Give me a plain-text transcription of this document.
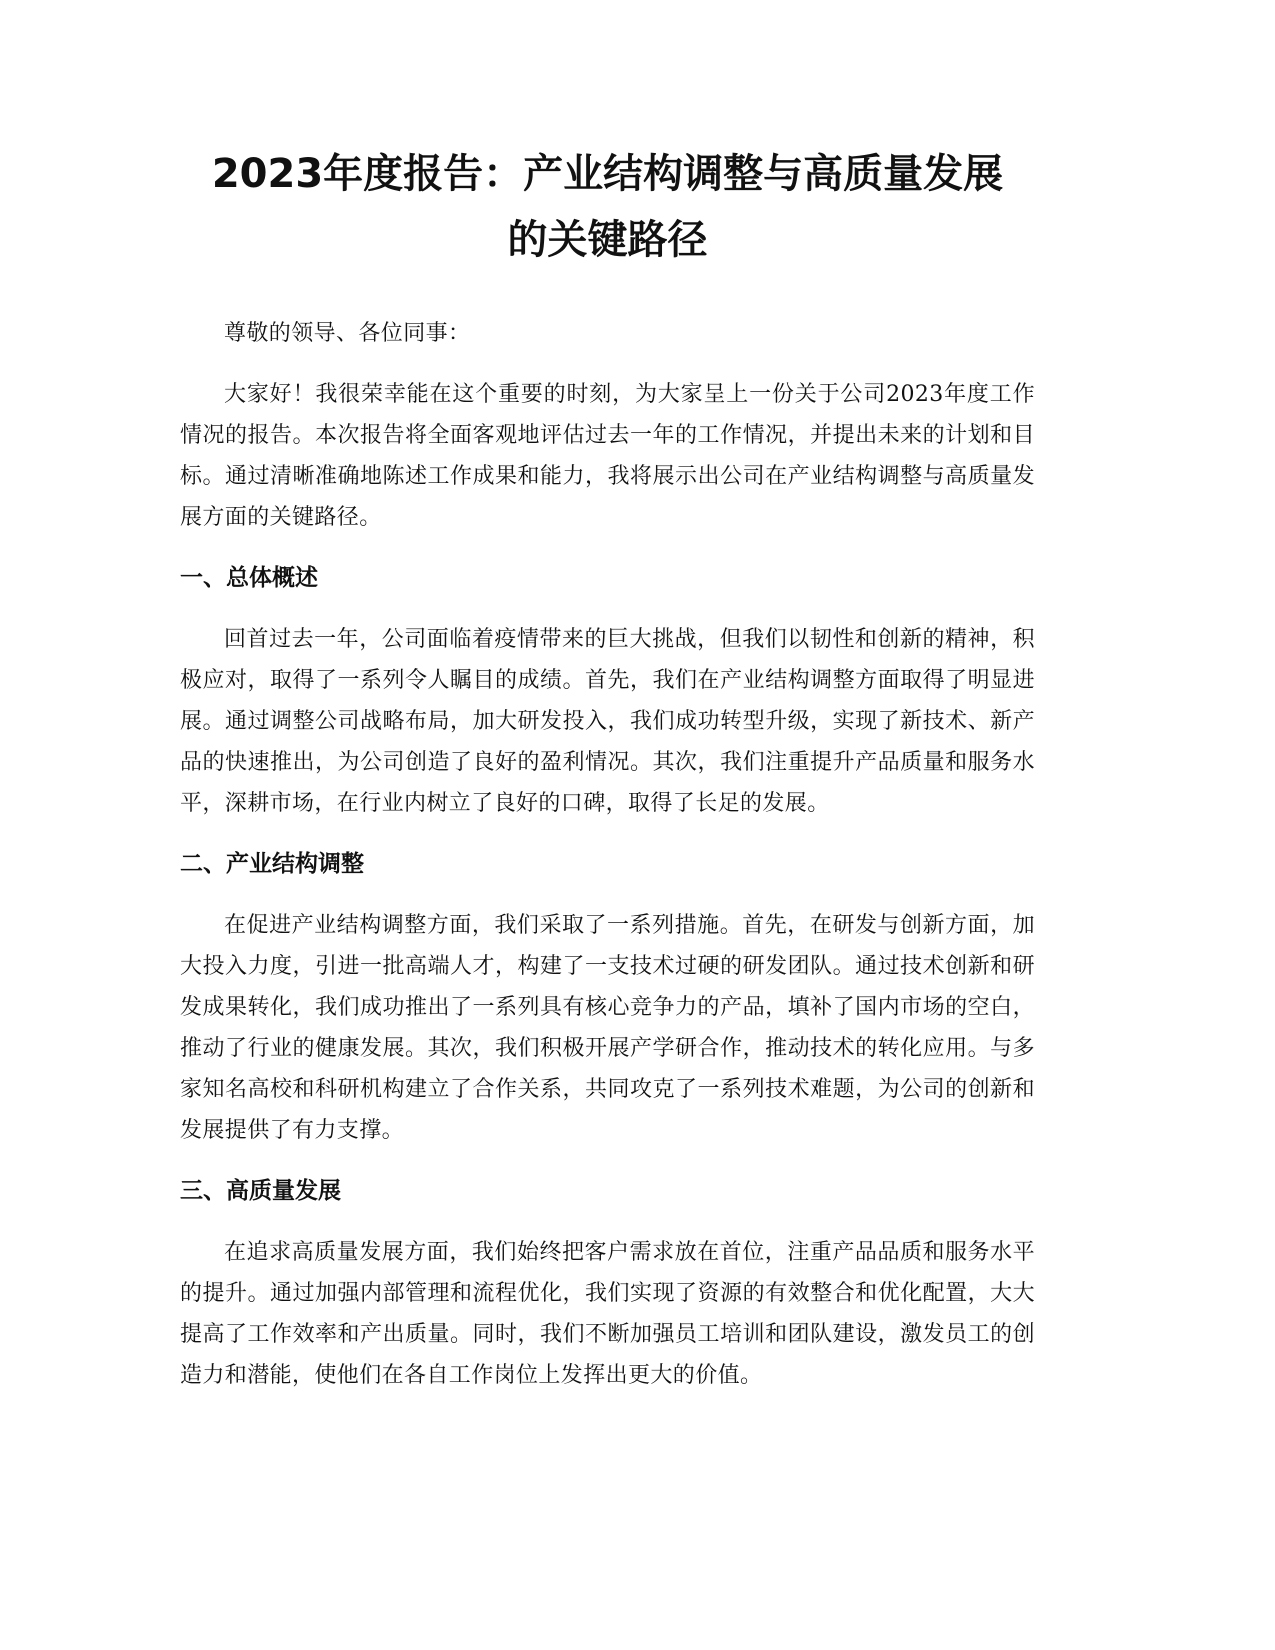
2023年度报告：产业结构调整与高质量发展
的关键路径

尊敬的领导、各位同事：

大家好！我很荣幸能在这个重要的时刻，为大家呈上一份关于公司2023年度工作情况的报告。本次报告将全面客观地评估过去一年的工作情况，并提出未来的计划和目标。通过清晰准确地陈述工作成果和能力，我将展示出公司在产业结构调整与高质量发展方面的关键路径。

一、总体概述

回首过去一年，公司面临着疫情带来的巨大挑战，但我们以韧性和创新的精神，积极应对，取得了一系列令人瞩目的成绩。首先，我们在产业结构调整方面取得了明显进展。通过调整公司战略布局，加大研发投入，我们成功转型升级，实现了新技术、新产品的快速推出，为公司创造了良好的盈利情况。其次，我们注重提升产品质量和服务水平，深耕市场，在行业内树立了良好的口碑，取得了长足的发展。

二、产业结构调整

在促进产业结构调整方面，我们采取了一系列措施。首先，在研发与创新方面，加大投入力度，引进一批高端人才，构建了一支技术过硬的研发团队。通过技术创新和研发成果转化，我们成功推出了一系列具有核心竞争力的产品，填补了国内市场的空白，推动了行业的健康发展。其次，我们积极开展产学研合作，推动技术的转化应用。与多家知名高校和科研机构建立了合作关系，共同攻克了一系列技术难题，为公司的创新和发展提供了有力支撑。

三、高质量发展

在追求高质量发展方面，我们始终把客户需求放在首位，注重产品品质和服务水平的提升。通过加强内部管理和流程优化，我们实现了资源的有效整合和优化配置，大大提高了工作效率和产出质量。同时，我们不断加强员工培训和团队建设，激发员工的创造力和潜能，使他们在各自工作岗位上发挥出更大的价值。
